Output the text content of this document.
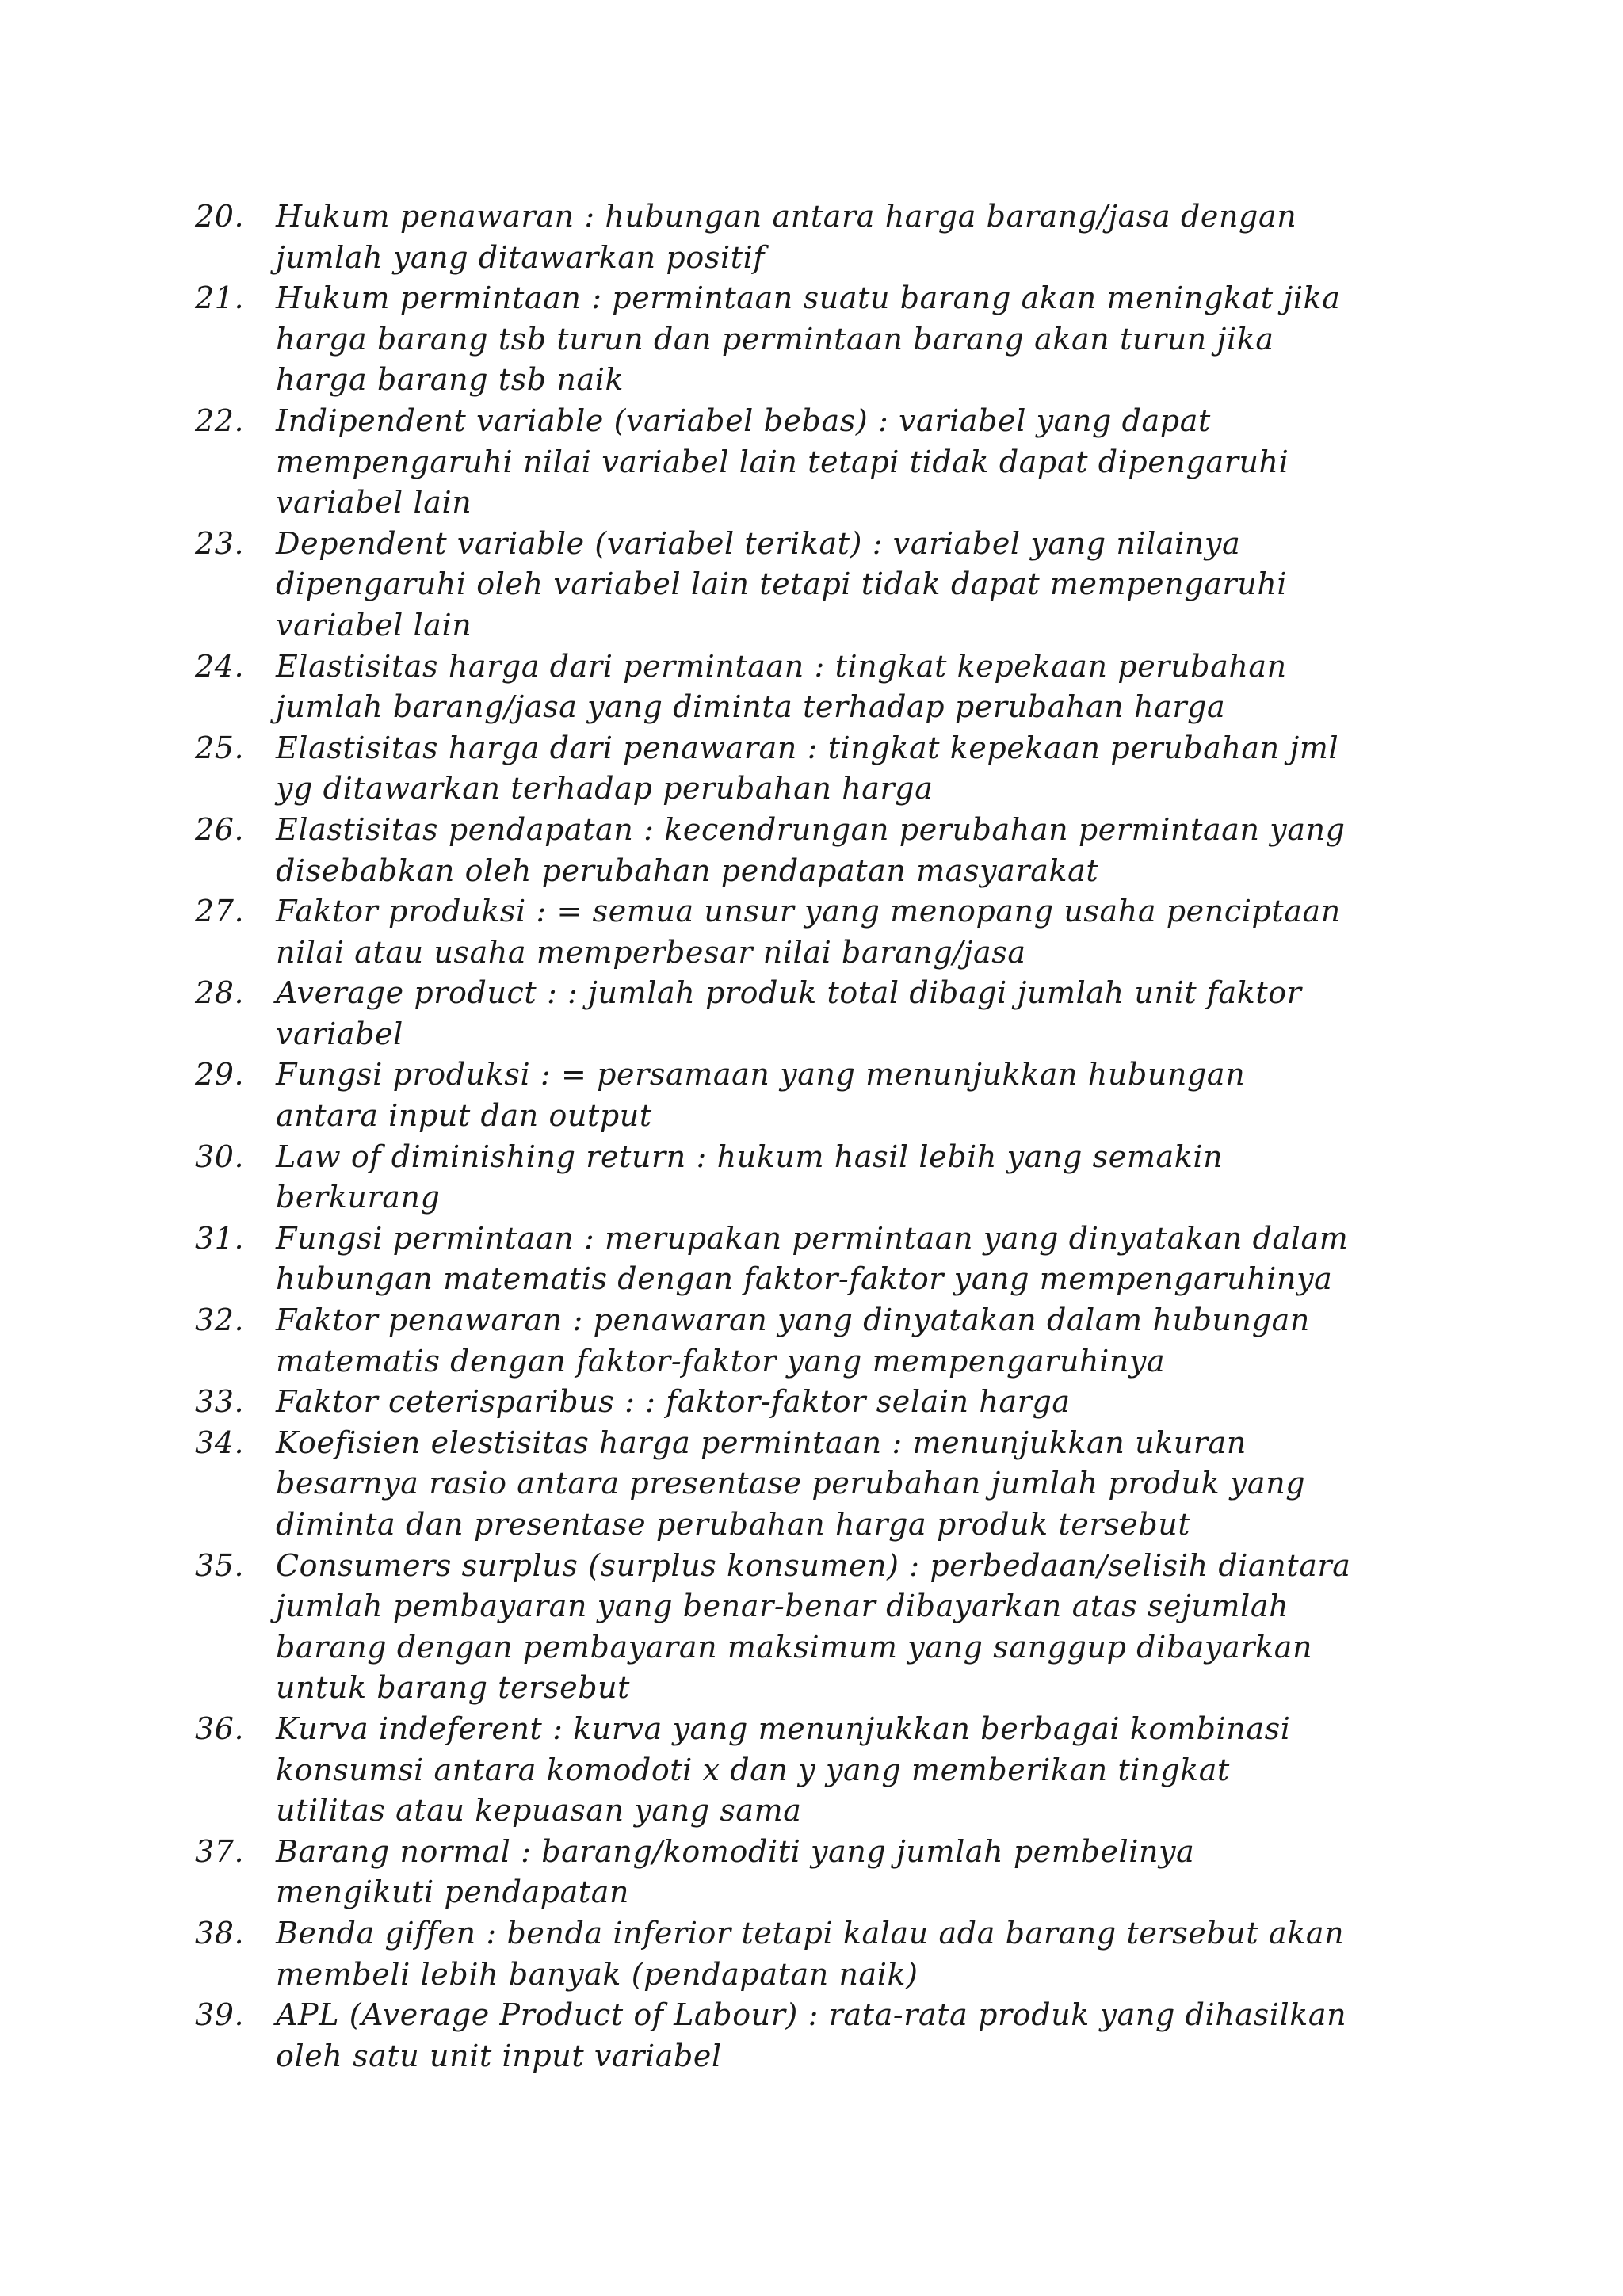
20.	Hukum penawaran : hubungan antara harga barang/jasa dengan
jumlah yang ditawarkan positif
21.	Hukum permintaan : permintaan suatu barang akan meningkat jika
harga barang tsb turun dan permintaan barang akan turun jika
harga barang tsb naik
22.	Indipendent variable (variabel bebas) : variabel yang dapat
mempengaruhi nilai variabel lain tetapi tidak dapat dipengaruhi
variabel lain
23.	Dependent variable (variabel terikat) : variabel yang nilainya
dipengaruhi oleh variabel lain tetapi tidak dapat mempengaruhi
variabel lain
24.	Elastisitas harga dari permintaan : tingkat kepekaan perubahan
jumlah barang/jasa yang diminta terhadap perubahan harga
25.	Elastisitas harga dari penawaran : tingkat kepekaan perubahan jml
yg ditawarkan terhadap perubahan harga
26.	Elastisitas pendapatan : kecendrungan perubahan permintaan yang
disebabkan oleh perubahan pendapatan masyarakat
27.	Faktor produksi : = semua unsur yang menopang usaha penciptaan
nilai atau usaha memperbesar nilai barang/jasa
28.	Average product : : jumlah produk total dibagi jumlah unit faktor
variabel
29.	Fungsi produksi : = persamaan yang menunjukkan hubungan
antara input dan output
30.	Law of diminishing return : hukum hasil lebih yang semakin
berkurang
31.	Fungsi permintaan : merupakan permintaan yang dinyatakan dalam
hubungan matematis dengan faktor-faktor yang mempengaruhinya
32.	Faktor penawaran : penawaran yang dinyatakan dalam hubungan
matematis dengan faktor-faktor yang mempengaruhinya
33.	Faktor ceterisparibus : : faktor-faktor selain harga
34.	Koefisien elestisitas harga permintaan : menunjukkan ukuran
besarnya rasio antara presentase perubahan jumlah produk yang
diminta dan presentase perubahan harga produk tersebut
35.	Consumers surplus (surplus konsumen) : perbedaan/selisih diantara
jumlah pembayaran yang benar-benar dibayarkan atas sejumlah
barang dengan pembayaran maksimum yang sanggup dibayarkan
untuk barang tersebut
36.	Kurva indeferent : kurva yang menunjukkan berbagai kombinasi
konsumsi antara komodoti x dan y yang memberikan tingkat
utilitas atau kepuasan yang sama
37.	Barang normal : barang/komoditi yang jumlah pembelinya
mengikuti pendapatan
38.	Benda giffen : benda inferior tetapi kalau ada barang tersebut akan
membeli lebih banyak (pendapatan naik)
39.	APL (Average Product of Labour) : rata-rata produk yang dihasilkan
oleh satu unit input variabel
